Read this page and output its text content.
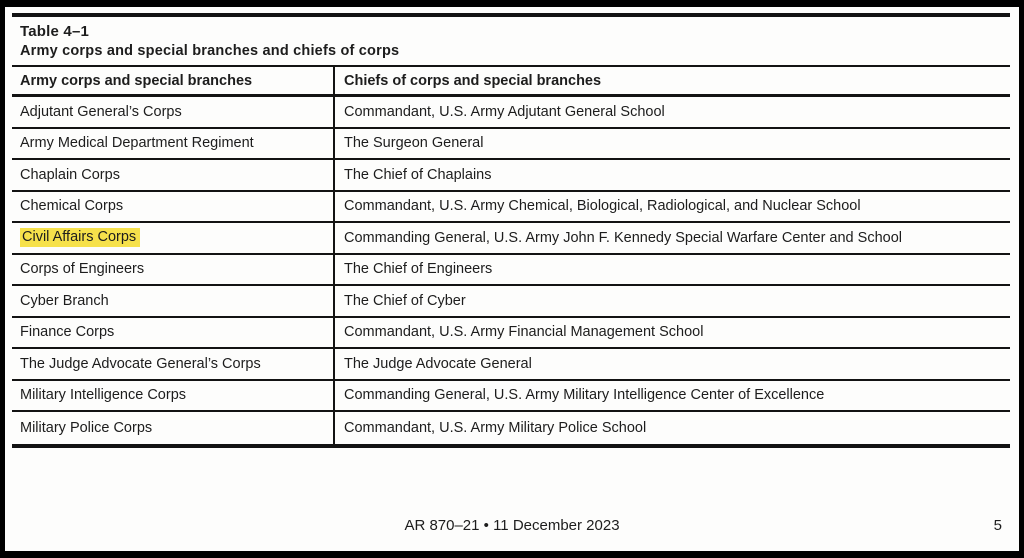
Table 4–1
Army corps and special branches and chiefs of corps
Army corps and special branches	Chiefs of corps and special branches
Adjutant General’s Corps	Commandant, U.S. Army Adjutant General School
Army Medical Department Regiment	The Surgeon General
Chaplain Corps	The Chief of Chaplains
Chemical Corps	Commandant, U.S. Army Chemical, Biological, Radiological, and Nuclear School
Civil Affairs Corps	Commanding General, U.S. Army John F. Kennedy Special Warfare Center and School
Corps of Engineers	The Chief of Engineers
Cyber Branch	The Chief of Cyber
Finance Corps	Commandant, U.S. Army Financial Management School
The Judge Advocate General’s Corps	The Judge Advocate General
Military Intelligence Corps	Commanding General, U.S. Army Military Intelligence Center of Excellence
Military Police Corps	Commandant, U.S. Army Military Police School
AR 870–21 • 11 December 2023	5
